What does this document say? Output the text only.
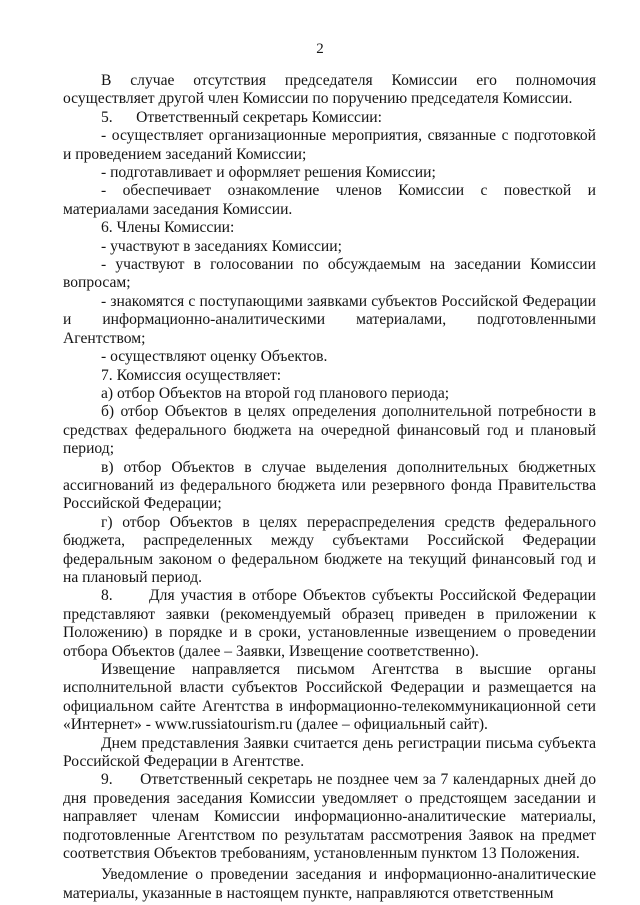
2

В случае отсутствия председателя Комиссии его полномочия осуществляет другой член Комиссии по поручению председателя Комиссии.

5.      Ответственный секретарь Комиссии:

- осуществляет организационные мероприятия, связанные с подготовкой и проведением заседаний Комиссии;

- подготавливает и оформляет решения Комиссии;

- обеспечивает ознакомление членов Комиссии с повесткой и материалами заседания Комиссии.

6. Члены Комиссии:

- участвуют в заседаниях Комиссии;

- участвуют в голосовании по обсуждаемым на заседании Комиссии вопросам;

- знакомятся с поступающими заявками субъектов Российской Федерации и информационно-аналитическими материалами, подготовленными Агентством;

- осуществляют оценку Объектов.

7. Комиссия осуществляет:

а) отбор Объектов на второй год планового периода;

б) отбор Объектов в целях определения дополнительной потребности в средствах федерального бюджета на очередной финансовый год и плановый период;

в) отбор Объектов в случае выделения дополнительных бюджетных ассигнований из федерального бюджета или резервного фонда Правительства Российской Федерации;

г) отбор Объектов в целях перераспределения средств федерального бюджета, распределенных между субъектами Российской Федерации федеральным законом о федеральном бюджете на текущий финансовый год и на плановый период.

8.      Для участия в отборе Объектов субъекты Российской Федерации представляют заявки (рекомендуемый образец приведен в приложении к Положению) в порядке и в сроки, установленные извещением о проведении отбора Объектов (далее – Заявки, Извещение соответственно).

Извещение направляется письмом Агентства в высшие органы исполнительной власти субъектов Российской Федерации и размещается на официальном сайте Агентства в информационно-телекоммуникационной сети «Интернет» - www.russiatourism.ru (далее – официальный сайт).

Днем представления Заявки считается день регистрации письма субъекта Российской Федерации в Агентстве.

9.      Ответственный секретарь не позднее чем за 7 календарных дней до дня проведения заседания Комиссии уведомляет о предстоящем заседании и направляет членам Комиссии информационно-аналитические материалы, подготовленные Агентством по результатам рассмотрения Заявок на предмет соответствия Объектов требованиям, установленным пунктом 13 Положения.

Уведомление о проведении заседания и информационно-аналитические материалы, указанные в настоящем пункте, направляются ответственным
